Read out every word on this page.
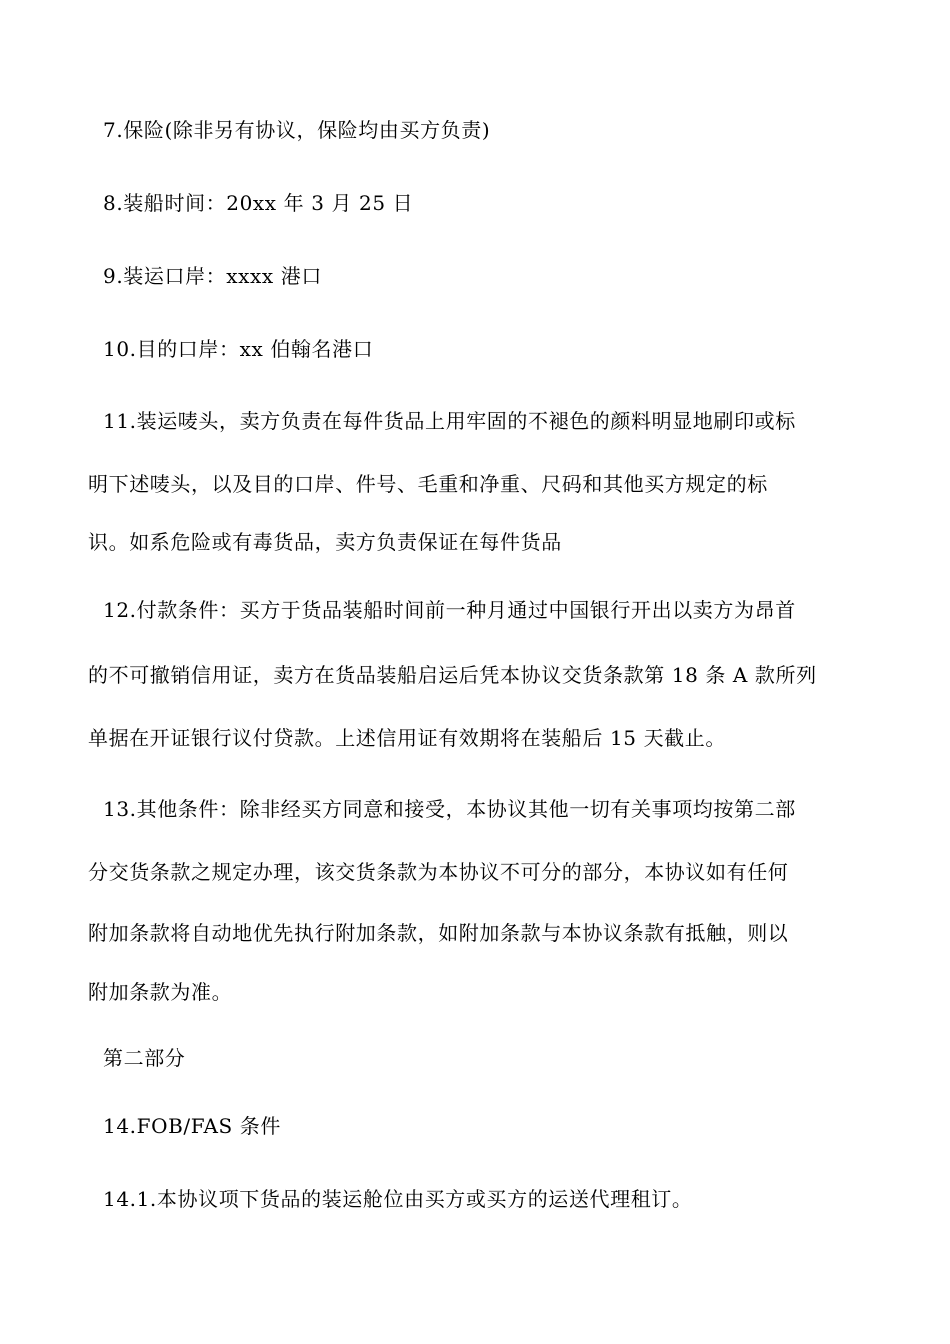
7.保险(除非另有协议，保险均由买方负责)
8.装船时间：20xx 年 3 月 25 日
9.装运口岸：xxxx 港口
10.目的口岸：xx 伯翰名港口
11.装运唛头，卖方负责在每件货品上用牢固的不褪色的颜料明显地刷印或标
明下述唛头，以及目的口岸、件号、毛重和净重、尺码和其他买方规定的标
识。如系危险或有毒货品，卖方负责保证在每件货品
12.付款条件：买方于货品装船时间前一种月通过中国银行开出以卖方为昂首
的不可撤销信用证，卖方在货品装船启运后凭本协议交货条款第 18 条 A 款所列
单据在开证银行议付贷款。上述信用证有效期将在装船后 15 天截止。
13.其他条件：除非经买方同意和接受，本协议其他一切有关事项均按第二部
分交货条款之规定办理，该交货条款为本协议不可分的部分，本协议如有任何
附加条款将自动地优先执行附加条款，如附加条款与本协议条款有抵触，则以
附加条款为准。
第二部分
14.FOB/FAS 条件
14.1.本协议项下货品的装运舱位由买方或买方的运送代理租订。
